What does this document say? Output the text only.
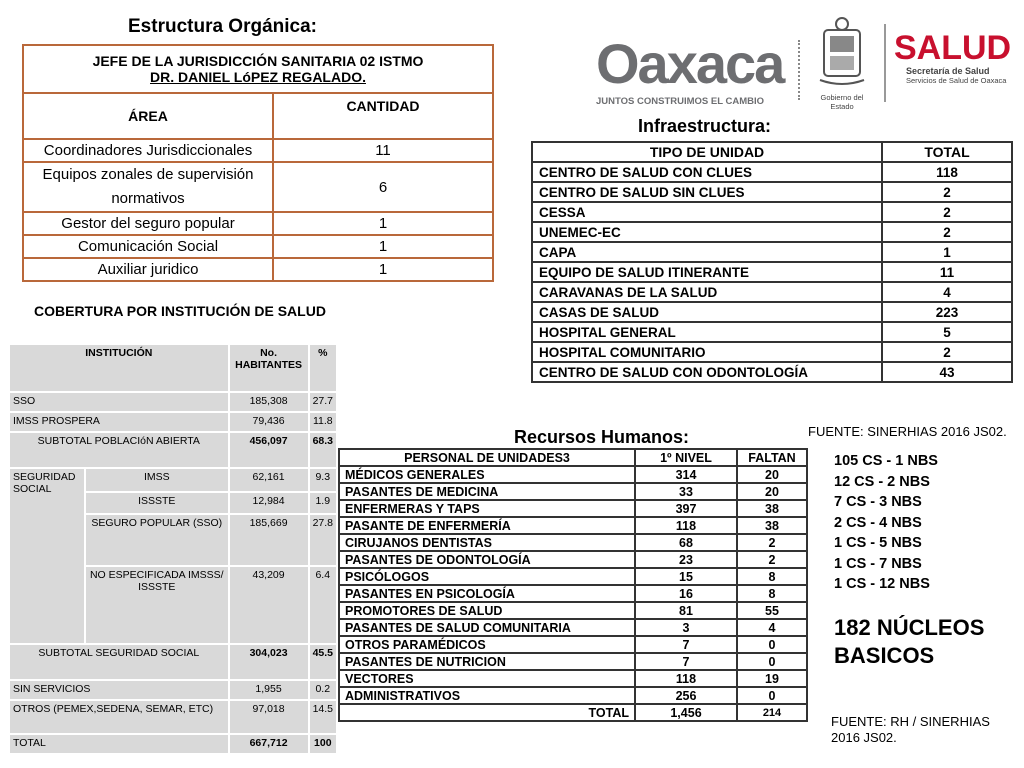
Estructura Orgánica:
JEFE DE LA JURISDICCIÓN SANITARIA 02 ISTMO
DR. DANIEL LóPEZ REGALADO.	

ÁREA	CANTIDAD
Coordinadores Jurisdiccionales	11
Equipos zonales de supervisión normativos	6
Gestor del seguro popular	1
Comunicación Social	1
Auxiliar juridico	1
COBERTURA POR INSTITUCIÓN DE SALUD
INSTITUCIÓN		No. HABITANTES	%
SSO		185,308	27.7
IMSS PROSPERA		79,436	11.8
SUBTOTAL POBLACIóN ABIERTA		456,097	68.3
SEGURIDAD SOCIAL	IMSS	62,161	9.3
	ISSSTE	12,984	1.9
	SEGURO POPULAR (SSO)	185,669	27.8
	NO ESPECIFICADA IMSSS/ISSSTE	43,209	6.4
SUBTOTAL SEGURIDAD SOCIAL		304,023	45.5
SIN SERVICIOS		1,955	0.2
OTROS (PEMEX,SEDENA, SEMAR, ETC)		97,018	14.5
TOTAL		667,712	100
Oaxaca
JUNTOS CONSTRUIMOS EL CAMBIO	Gobierno del Estado
SALUD
Secretaría de Salud
Servicios de Salud de Oaxaca
Infraestructura:
TIPO DE UNIDAD	TOTAL
CENTRO DE SALUD CON CLUES	118
CENTRO DE SALUD SIN CLUES	2
CESSA	2
UNEMEC-EC	2
CAPA	1
EQUIPO DE SALUD ITINERANTE	11
CARAVANAS DE LA SALUD	4
CASAS DE SALUD	223
HOSPITAL GENERAL	5
HOSPITAL COMUNITARIO	2
CENTRO DE SALUD CON ODONTOLOGÍA	43
FUENTE: SINERHIAS 2016 JS02.
Recursos Humanos:
PERSONAL DE UNIDADES3	1º NIVEL	FALTAN
MÉDICOS GENERALES	314	20
PASANTES DE MEDICINA	33	20
ENFERMERAS Y TAPS	397	38
PASANTE DE ENFERMERÍA	118	38
CIRUJANOS DENTISTAS	68	2
PASANTES DE ODONTOLOGÍA	23	2
PSICÓLOGOS	15	8
PASANTES EN PSICOLOGÍA	16	8
PROMOTORES DE SALUD	81	55
PASANTES DE SALUD COMUNITARIA	3	4
OTROS PARAMÉDICOS	7	0
PASANTES DE NUTRICION	7	0
VECTORES	118	19
ADMINISTRATIVOS	256	0
TOTAL	1,456	214
105 CS - 1 NBS
12 CS - 2 NBS
7 CS - 3 NBS
2 CS - 4 NBS
1 CS - 5 NBS
1 CS - 7 NBS
1 CS - 12 NBS
182 NÚCLEOS BASICOS
FUENTE: RH / SINERHIAS 2016 JS02.
